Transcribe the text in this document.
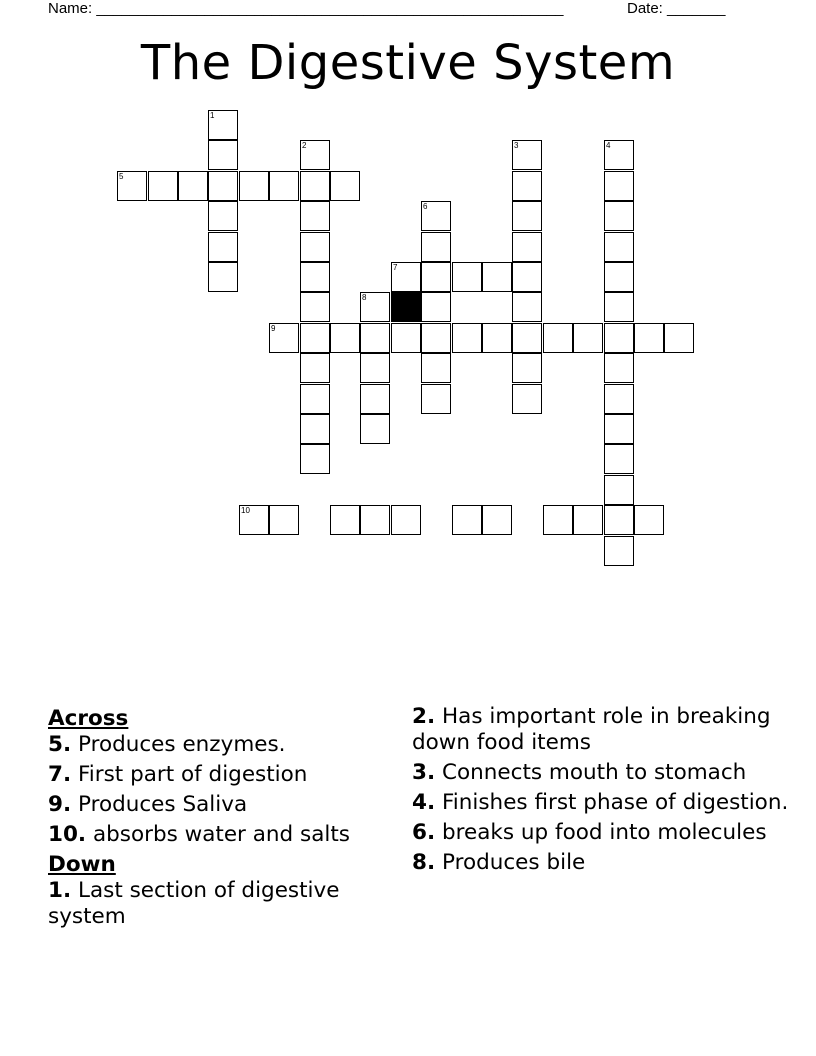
Name: ________________________________________________________	Date: _______
The Digestive System
1
2	3	4
5
6
7
8
9
10
Across
5. Produces enzymes.
7. First part of digestion
9. Produces Saliva
10. absorbs water and salts
Down
1. Last section of digestive system
2. Has important role in breaking down food items
3. Connects mouth to stomach
4. Finishes first phase of digestion.
6. breaks up food into molecules
8. Produces bile
